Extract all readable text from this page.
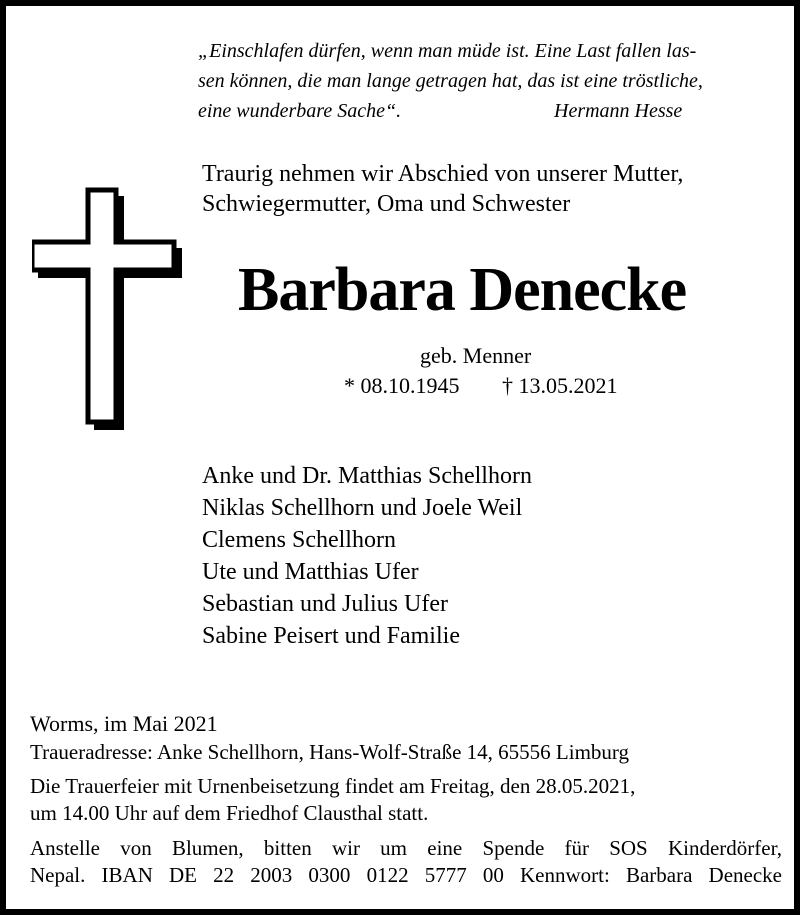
„Einschlafen dürfen, wenn man müde ist. Eine Last fallen las-
sen können, die man lange getragen hat, das ist eine tröstliche,
eine wunderbare Sache“.	Hermann Hesse
Traurig nehmen wir Abschied von unserer Mutter,
Schwiegermutter, Oma und Schwester
Barbara Denecke
geb. Menner
* 08.10.1945 † 13.05.2021
Anke und Dr. Matthias Schellhorn
Niklas Schellhorn und Joele Weil
Clemens Schellhorn
Ute und Matthias Ufer
Sebastian und Julius Ufer
Sabine Peisert und Familie
Worms, im Mai 2021
Traueradresse: Anke Schellhorn, Hans-Wolf-Straße 14, 65556 Limburg
Die Trauerfeier mit Urnenbeisetzung findet am Freitag, den 28.05.2021,
um 14.00 Uhr auf dem Friedhof Clausthal statt.
Anstelle von Blumen, bitten wir um eine Spende für SOS Kinderdörfer,
Nepal. IBAN DE 22 2003 0300 0122 5777 00 Kennwort: Barbara Denecke
